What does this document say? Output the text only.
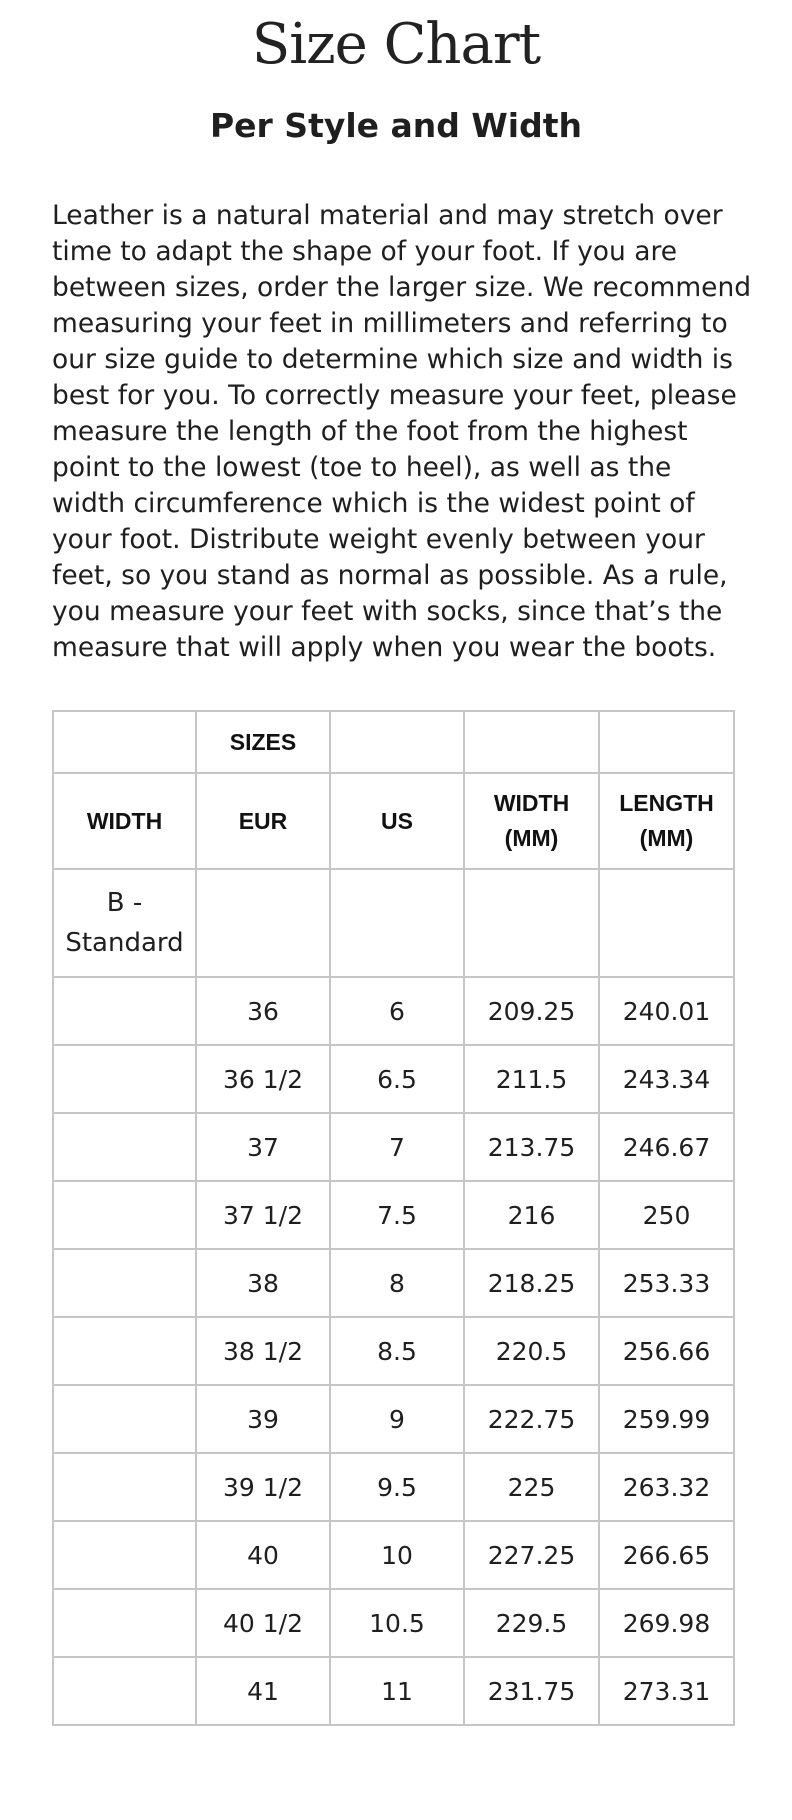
Size Chart
Per Style and Width

Leather is a natural material and may stretch over time to adapt the shape of your foot. If you are between sizes, order the larger size. We recommend measuring your feet in millimeters and referring to our size guide to determine which size and width is best for you. To correctly measure your feet, please measure the length of the foot from the highest point to the lowest (toe to heel), as well as the width circumference which is the widest point of your foot. Distribute weight evenly between your feet, so you stand as normal as possible. As a rule, you measure your feet with socks, since that’s the measure that will apply when you wear the boots.

	SIZES			
WIDTH	EUR	US	WIDTH (MM)	LENGTH (MM)
B - Standard				
	36	6	209.25	240.01
	36 1/2	6.5	211.5	243.34
	37	7	213.75	246.67
	37 1/2	7.5	216	250
	38	8	218.25	253.33
	38 1/2	8.5	220.5	256.66
	39	9	222.75	259.99
	39 1/2	9.5	225	263.32
	40	10	227.25	266.65
	40 1/2	10.5	229.5	269.98
	41	11	231.75	273.31
